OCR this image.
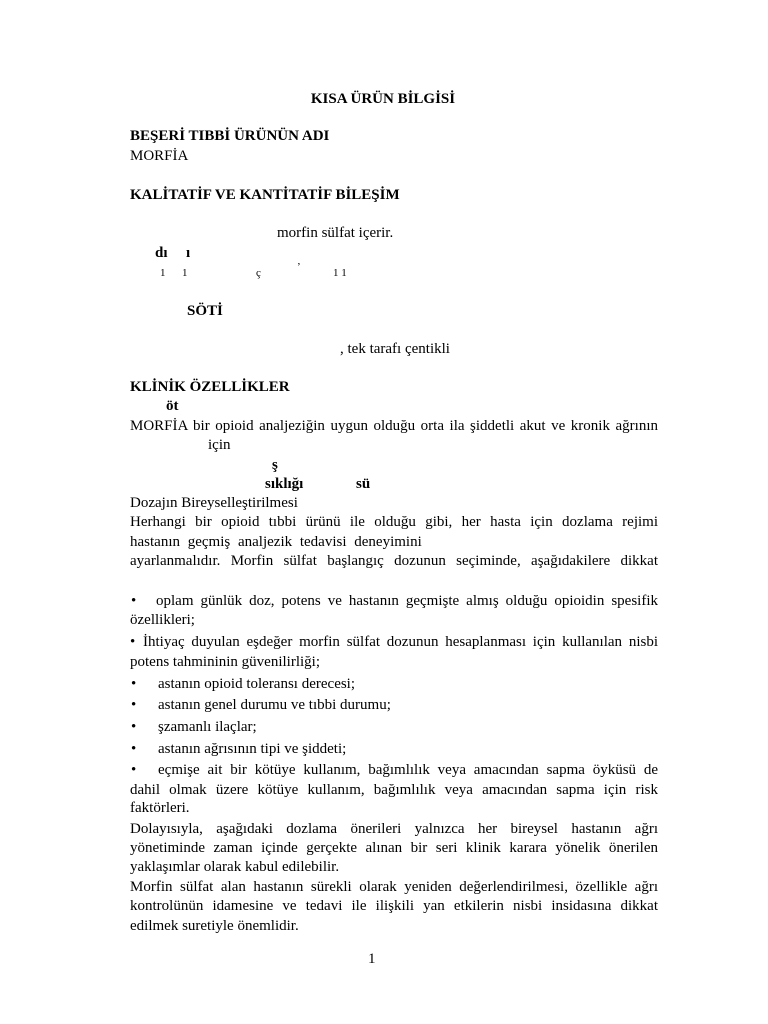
KISA ÜRÜN BİLGİSİ
BEŞERİ TIBBİ ÜRÜNÜN ADI
MORFİA
KALİTATİF VE KANTİTATİF BİLEŞİM
morfin sülfat içerir.
dı ı
1 1	ç	’	1 1
SÖTİ
, tek tarafı çentikli
KLİNİK ÖZELLİKLER
öt
MORFİA bir opioid analjeziğin uygun olduğu orta ila şiddetli akut ve kronik ağrının
için
ş
sıklığı	sü
Dozajın Bireyselleştirilmesi
Herhangi bir opioid tıbbi ürünü ile olduğu gibi, her hasta için dozlama rejimi
hastanın geçmiş analjezik tedavisi deneyimini
ayarlanmalıdır. Morfin sülfat başlangıç dozunun seçiminde, aşağıdakilere dikkat
• oplam günlük doz, potens ve hastanın geçmişte almış olduğu opioidin spesifik
özellikleri;
• İhtiyaç duyulan eşdeğer morfin sülfat dozunun hesaplanması için kullanılan nisbi
potens tahmininin güvenilirliği;
• astanın opioid toleransı derecesi;
• astanın genel durumu ve tıbbi durumu;
• şzamanlı ilaçlar;
• astanın ağrısının tipi ve şiddeti;
• eçmişe ait bir kötüye kullanım, bağımlılık veya amacından sapma öyküsü de
dahil olmak üzere kötüye kullanım, bağımlılık veya amacından sapma için risk
faktörleri.
Dolayısıyla, aşağıdaki dozlama önerileri yalnızca her bireysel hastanın ağrı
yönetiminde zaman içinde gerçekte alınan bir seri klinik karara yönelik önerilen
yaklaşımlar olarak kabul edilebilir.
Morfin sülfat alan hastanın sürekli olarak yeniden değerlendirilmesi, özellikle ağrı
kontrolünün idamesine ve tedavi ile ilişkili yan etkilerin nisbi insidasına dikkat
edilmek suretiyle önemlidir.
1
